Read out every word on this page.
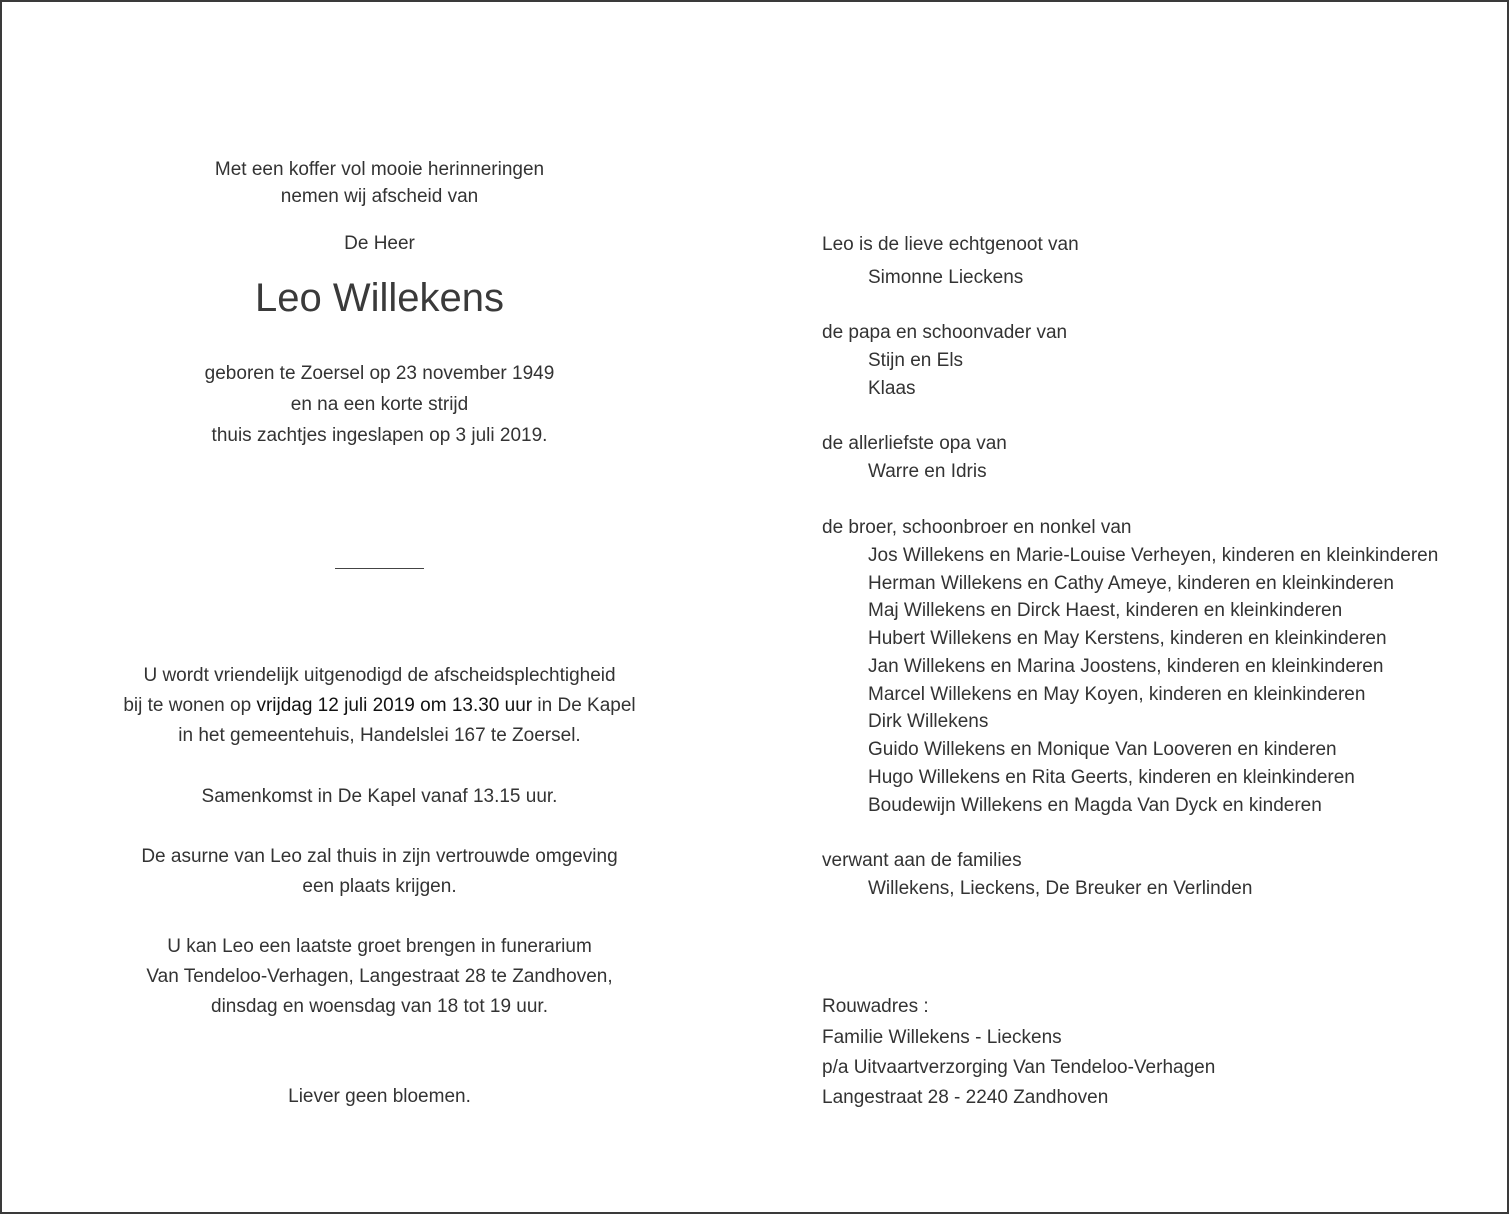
Met een koffer vol mooie herinneringen
nemen wij afscheid van
De Heer
Leo Willekens
geboren te Zoersel op 23 november 1949
en na een korte strijd
thuis zachtjes ingeslapen op 3 juli 2019.
U wordt vriendelijk uitgenodigd de afscheidsplechtigheid
bij te wonen op vrijdag 12 juli 2019 om 13.30 uur in De Kapel
in het gemeentehuis, Handelslei 167 te Zoersel.
Samenkomst in De Kapel vanaf 13.15 uur.
De asurne van Leo zal thuis in zijn vertrouwde omgeving
een plaats krijgen.
U kan Leo een laatste groet brengen in funerarium
Van Tendeloo-Verhagen, Langestraat 28 te Zandhoven,
dinsdag en woensdag van 18 tot 19 uur.
Liever geen bloemen.
Leo is de lieve echtgenoot van
Simonne Lieckens
de papa en schoonvader van
Stijn en Els
Klaas
de allerliefste opa van
Warre en Idris
de broer, schoonbroer en nonkel van
Jos Willekens en Marie-Louise Verheyen, kinderen en kleinkinderen
Herman Willekens en Cathy Ameye, kinderen en kleinkinderen
Maj Willekens en Dirck Haest, kinderen en kleinkinderen
Hubert Willekens en May Kerstens, kinderen en kleinkinderen
Jan Willekens en Marina Joostens, kinderen en kleinkinderen
Marcel Willekens en May Koyen, kinderen en kleinkinderen
Dirk Willekens
Guido Willekens en Monique Van Looveren en kinderen
Hugo Willekens en Rita Geerts, kinderen en kleinkinderen
Boudewijn Willekens en Magda Van Dyck en kinderen
verwant aan de families
Willekens, Lieckens, De Breuker en Verlinden
Rouwadres :
Familie Willekens - Lieckens
p/a Uitvaartverzorging Van Tendeloo-Verhagen
Langestraat 28 - 2240 Zandhoven
